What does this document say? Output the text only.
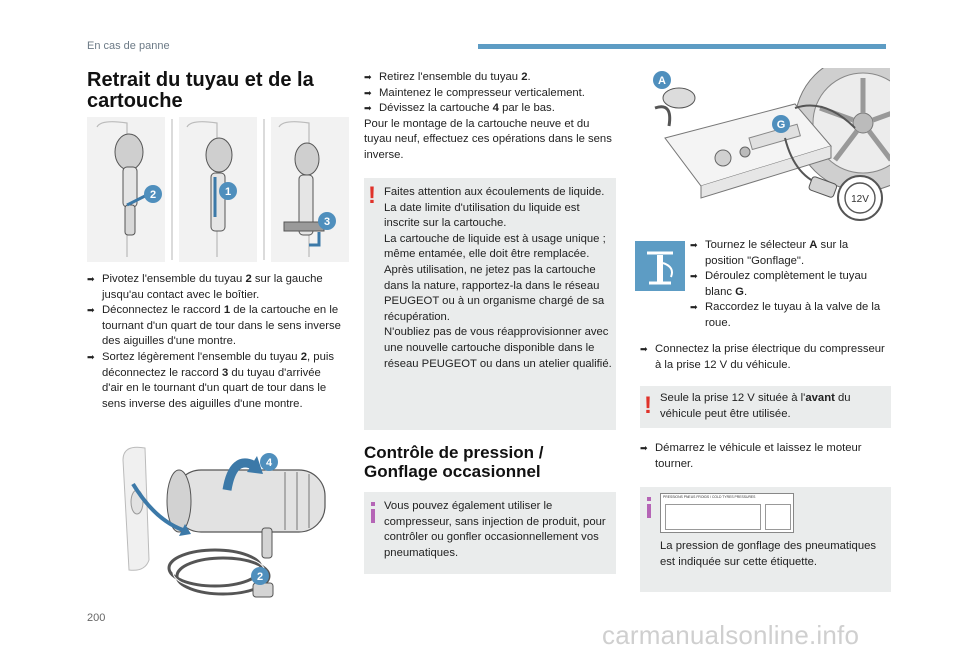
En cas de panne
Retrait du tuyau et de la cartouche
2	1
3
➡ Pivotez l'ensemble du tuyau 2 sur la gauche jusqu'au contact avec le boîtier.
➡ Déconnectez le raccord 1 de la cartouche en le tournant d'un quart de tour dans le sens inverse des aiguilles d'une montre.
➡ Sortez légèrement l'ensemble du tuyau 2, puis déconnectez le raccord 3 du tuyau d'arrivée d'air en le tournant d'un quart de tour dans le sens inverse des aiguilles d'une montre.
4
2
➡ Retirez l'ensemble du tuyau 2.
➡ Maintenez le compresseur verticalement.
➡ Dévissez la cartouche 4 par le bas.
Pour le montage de la cartouche neuve et du tuyau neuf, effectuez ces opérations dans le sens inverse.
! Faites attention aux écoulements de liquide.
La date limite d'utilisation du liquide est inscrite sur la cartouche.
La cartouche de liquide est à usage unique ; même entamée, elle doit être remplacée.
Après utilisation, ne jetez pas la cartouche dans la nature, rapportez-la dans le réseau PEUGEOT ou à un organisme chargé de sa récupération.
N'oubliez pas de vous réapprovisionner avec une nouvelle cartouche disponible dans le réseau PEUGEOT ou dans un atelier qualifié.
Contrôle de pression / Gonflage occasionnel
Vous pouvez également utiliser le compresseur, sans injection de produit, pour contrôler ou gonfler occasionnellement vos pneumatiques.
12V
A
G
➡ Tournez le sélecteur A sur la position "Gonflage".
➡ Déroulez complètement le tuyau blanc G.
➡ Raccordez le tuyau à la valve de la roue.
➡ Connectez la prise électrique du compresseur à la prise 12 V du véhicule.
! Seule la prise 12 V située à l'avant du véhicule peut être utilisée.
➡ Démarrez le véhicule et laissez le moteur tourner.
PRESSIONS PNEUS FROIDS / COLD TYRES PRESSURES
La pression de gonflage des pneumatiques est indiquée sur cette étiquette.
200
carmanualsonline.info
